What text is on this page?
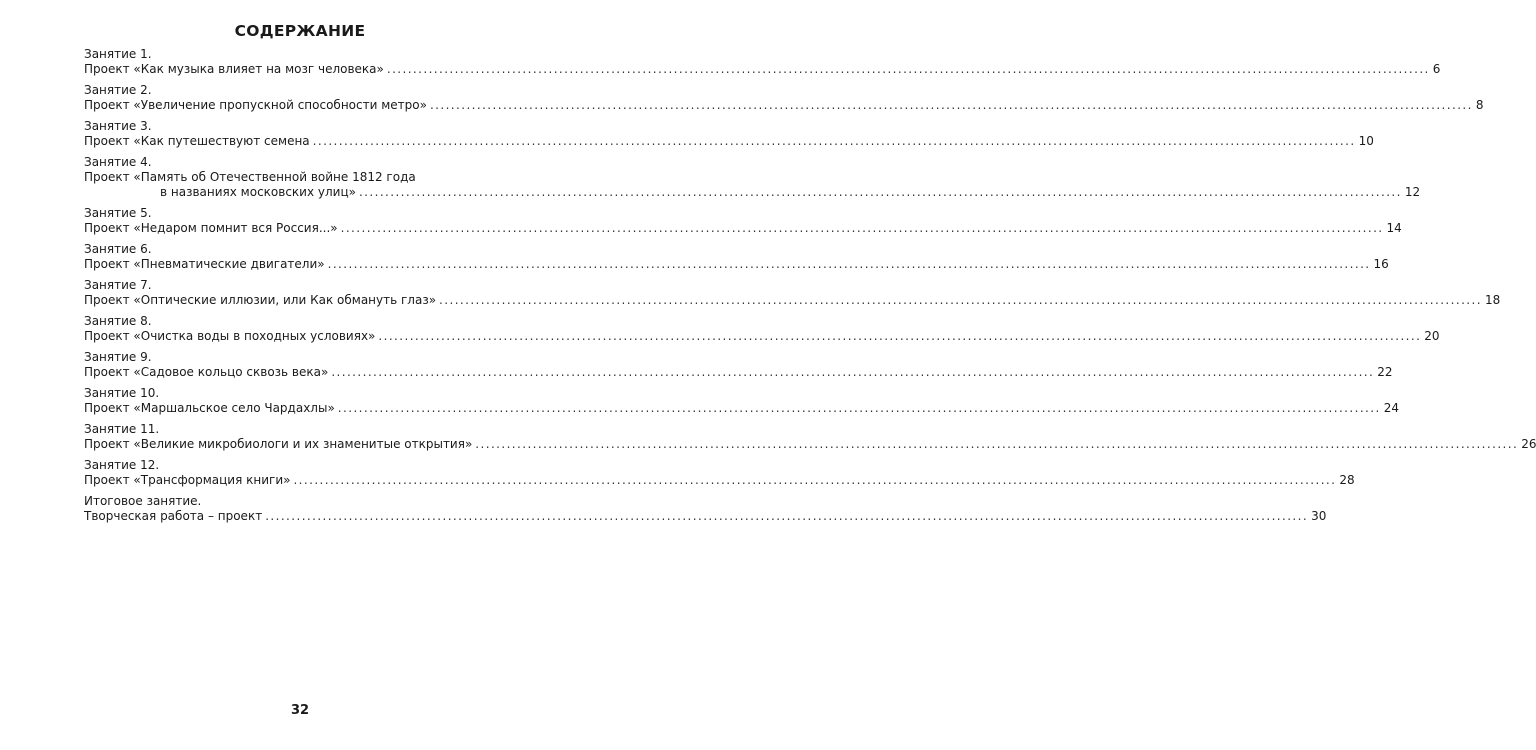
СОДЕРЖАНИЕ
Занятие 1.
Проект «Как музыка влияет на мозг человека» ........................................................................................................................................................................................................ 6
Занятие 2.
Проект «Увеличение пропускной способности метро» ........................................................................................................................................................................................................ 8
Занятие 3.
Проект «Как путешествуют семена ........................................................................................................................................................................................................ 10
Занятие 4.
Проект «Память об Отечественной войне 1812 года
в названиях московских улиц» ........................................................................................................................................................................................................ 12
Занятие 5.
Проект «Недаром помнит вся Россия...» ........................................................................................................................................................................................................ 14
Занятие 6.
Проект «Пневматические двигатели» ........................................................................................................................................................................................................ 16
Занятие 7.
Проект «Оптические иллюзии, или Как обмануть глаз» ........................................................................................................................................................................................................ 18
Занятие 8.
Проект «Очистка воды в походных условиях» ........................................................................................................................................................................................................ 20
Занятие 9.
Проект «Садовое кольцо сквозь века» ........................................................................................................................................................................................................ 22
Занятие 10.
Проект «Маршальское село Чардахлы» ........................................................................................................................................................................................................ 24
Занятие 11.
Проект «Великие микробиологи и их знаменитые открытия» ........................................................................................................................................................................................................ 26
Занятие 12.
Проект «Трансформация книги» ........................................................................................................................................................................................................ 28
Итоговое занятие.
Творческая работа – проект ........................................................................................................................................................................................................ 30
32
